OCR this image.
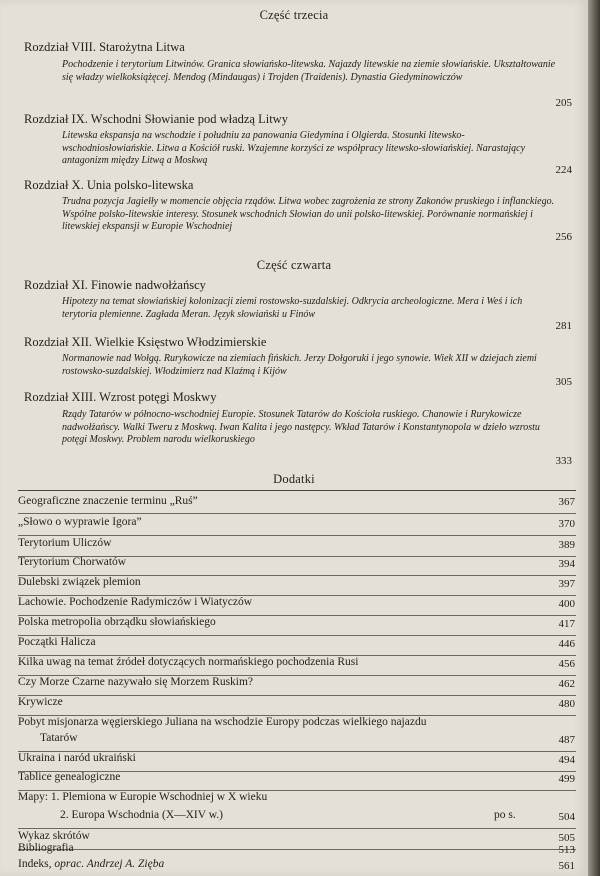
Część trzecia
Rozdział VIII. Starożytna Litwa
Pochodzenie i terytorium Litwinów. Granica słowiańsko-litewska. Najazdy litewskie na ziemie słowiańskie. Ukształtowanie się władzy wielkoksiążęcej. Mendog (Mindaugas) i Trojden (Traidenis). Dynastia Giedyminowiczów
205
Rozdział IX. Wschodni Słowianie pod władzą Litwy
Litewska ekspansja na wschodzie i południu za panowania Giedymina i Olgierda. Stosunki litewsko-wschodniosłowiańskie. Litwa a Kościół ruski. Wzajemne korzyści ze współpracy litewsko-słowiańskiej. Narastający antagonizm między Litwą a Moskwą
224
Rozdział X. Unia polsko-litewska
Trudna pozycja Jagiełły w momencie objęcia rządów. Litwa wobec zagrożenia ze strony Zakonów pruskiego i inflanckiego. Wspólne polsko-litewskie interesy. Stosunek wschodnich Słowian do unii polsko-litewskiej. Porównanie normańskiej i litewskiej ekspansji w Europie Wschodniej
256
Część czwarta
Rozdział XI. Finowie nadwołżańscy
Hipotezy na temat słowiańskiej kolonizacji ziemi rostowsko-suzdalskiej. Odkrycia archeologiczne. Mera i Weś i ich terytoria plemienne. Zagłada Meran. Język słowiański u Finów
281
Rozdział XII. Wielkie Księstwo Włodzimierskie
Normanowie nad Wołgą. Rurykowicze na ziemiach fińskich. Jerzy Dołgoruki i jego synowie. Wiek XII w dziejach ziemi rostowsko-suzdalskiej. Włodzimierz nad Klaźmą i Kijów
305
Rozdział XIII. Wzrost potęgi Moskwy
Rządy Tatarów w północno-wschodniej Europie. Stosunek Tatarów do Kościoła ruskiego. Chanowie i Rurykowicze nadwołżańscy. Walki Tweru z Moskwą. Iwan Kalita i jego następcy. Wkład Tatarów i Konstantynopola w dzieło wzrostu potęgi Moskwy. Problem narodu wielkoruskiego
333
Dodatki
Geograficzne znaczenie terminu „Ruś”	367
„Słowo o wyprawie Igora”	370
Terytorium Uliczów	389
Terytorium Chorwatów	394
Dulebski związek plemion	397
Lachowie. Pochodzenie Radymiczów i Wiatyczów	400
Polska metropolia obrządku słowiańskiego	417
Początki Halicza	446
Kilka uwag na temat źródeł dotyczących normańskiego pochodzenia Rusi	456
Czy Morze Czarne nazywało się Morzem Ruskim?	462
Krywicze	480
Pobyt misjonarza węgierskiego Juliana na wschodzie Europy podczas wielkiego najazdu
Tatarów	487
Ukraina i naród ukraiński	494
Tablice genealogiczne	499
Mapy: 1. Plemiona w Europie Wschodniej w X wieku
2. Europa Wschodnia (X—XIV w.)	po s.	504
Wykaz skrótów	505
Bibliografia	513
Indeks, oprac. Andrzej A. Zięba	561
